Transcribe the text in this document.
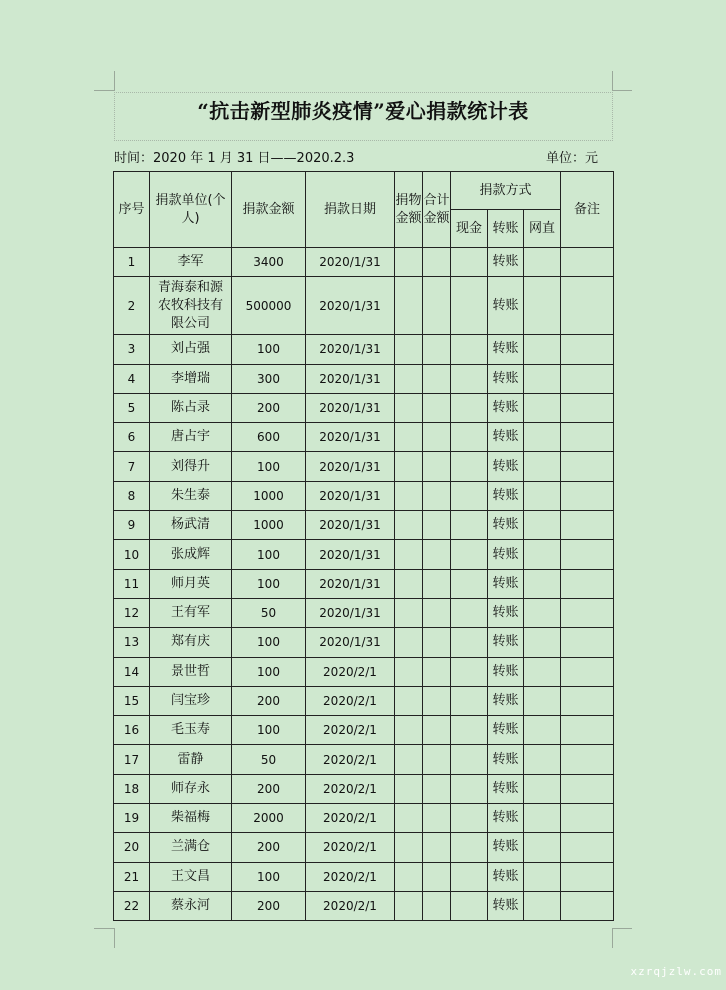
“抗击新型肺炎疫情”爱心捐款统计表
时间：2020 年 1 月 31 日——2020.2.3	单位：元
序号	捐款单位(个人)	捐款金额	捐款日期	捐物金额	合计金额	捐款方式			备注
						现金	转账	网直	
1	李军	3400	2020/1/31				转账		
2	青海泰和源农牧科技有限公司	500000	2020/1/31				转账		
3	刘占强	100	2020/1/31				转账		
4	李增瑞	300	2020/1/31				转账		
5	陈占录	200	2020/1/31				转账		
6	唐占宇	600	2020/1/31				转账		
7	刘得升	100	2020/1/31				转账		
8	朱生泰	1000	2020/1/31				转账		
9	杨武清	1000	2020/1/31				转账		
10	张成辉	100	2020/1/31				转账		
11	师月英	100	2020/1/31				转账		
12	王有军	50	2020/1/31				转账		
13	郑有庆	100	2020/1/31				转账		
14	景世哲	100	2020/2/1				转账		
15	闫宝珍	200	2020/2/1				转账		
16	毛玉寿	100	2020/2/1				转账		
17	雷静	50	2020/2/1				转账		
18	师存永	200	2020/2/1				转账		
19	柴福梅	2000	2020/2/1				转账		
20	兰满仓	200	2020/2/1				转账		
21	王文昌	100	2020/2/1				转账		
22	蔡永河	200	2020/2/1				转账		
xzrqjzlw.com
